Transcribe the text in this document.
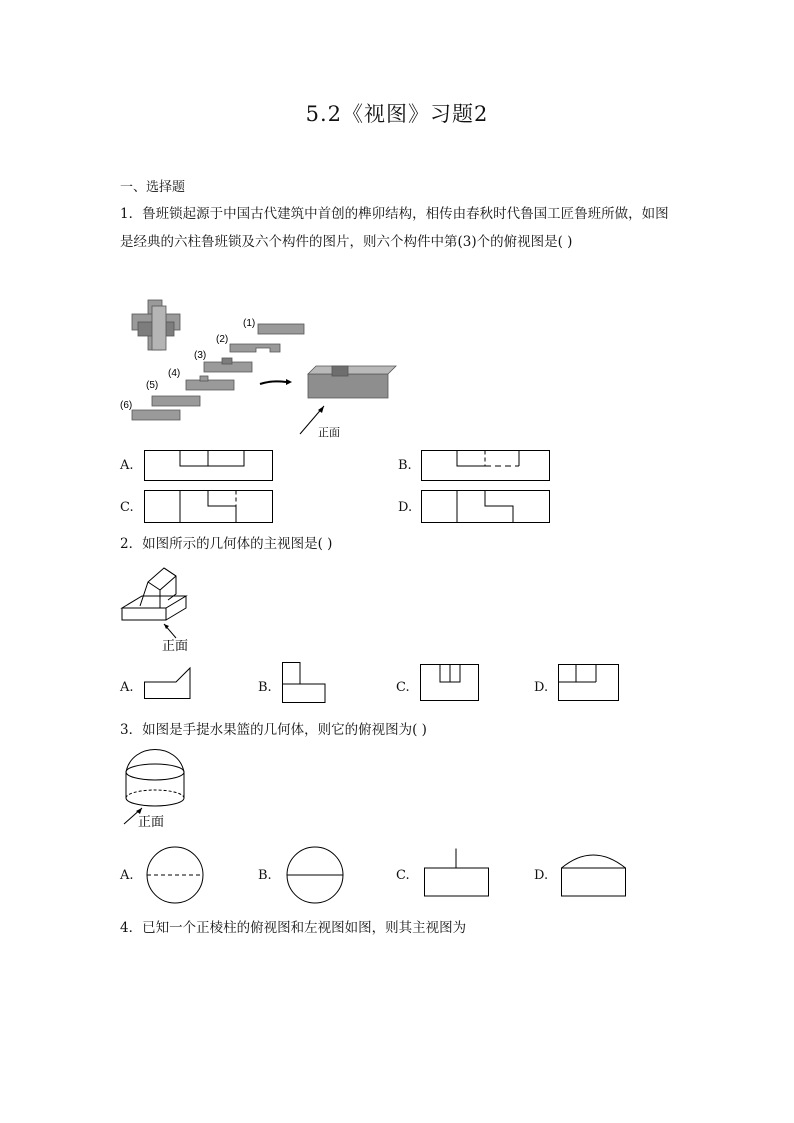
5.2《视图》习题2
一、选择题
1．鲁班锁起源于中国古代建筑中首创的榫卯结构，相传由春秋时代鲁国工匠鲁班所做，如图是经典的六柱鲁班锁及六个构件的图片，则六个构件中第(3)个的俯视图是( )
(1)
(2)
(3)
(4)
(5)
(6)
正面
A.	B.
C.	D.
2．如图所示的几何体的主视图是( )
正面
A.	B.	C.	D.
3．如图是手提水果篮的几何体，则它的俯视图为( )
正面
A.	B.	C.	D.
4．已知一个正棱柱的俯视图和左视图如图，则其主视图为
